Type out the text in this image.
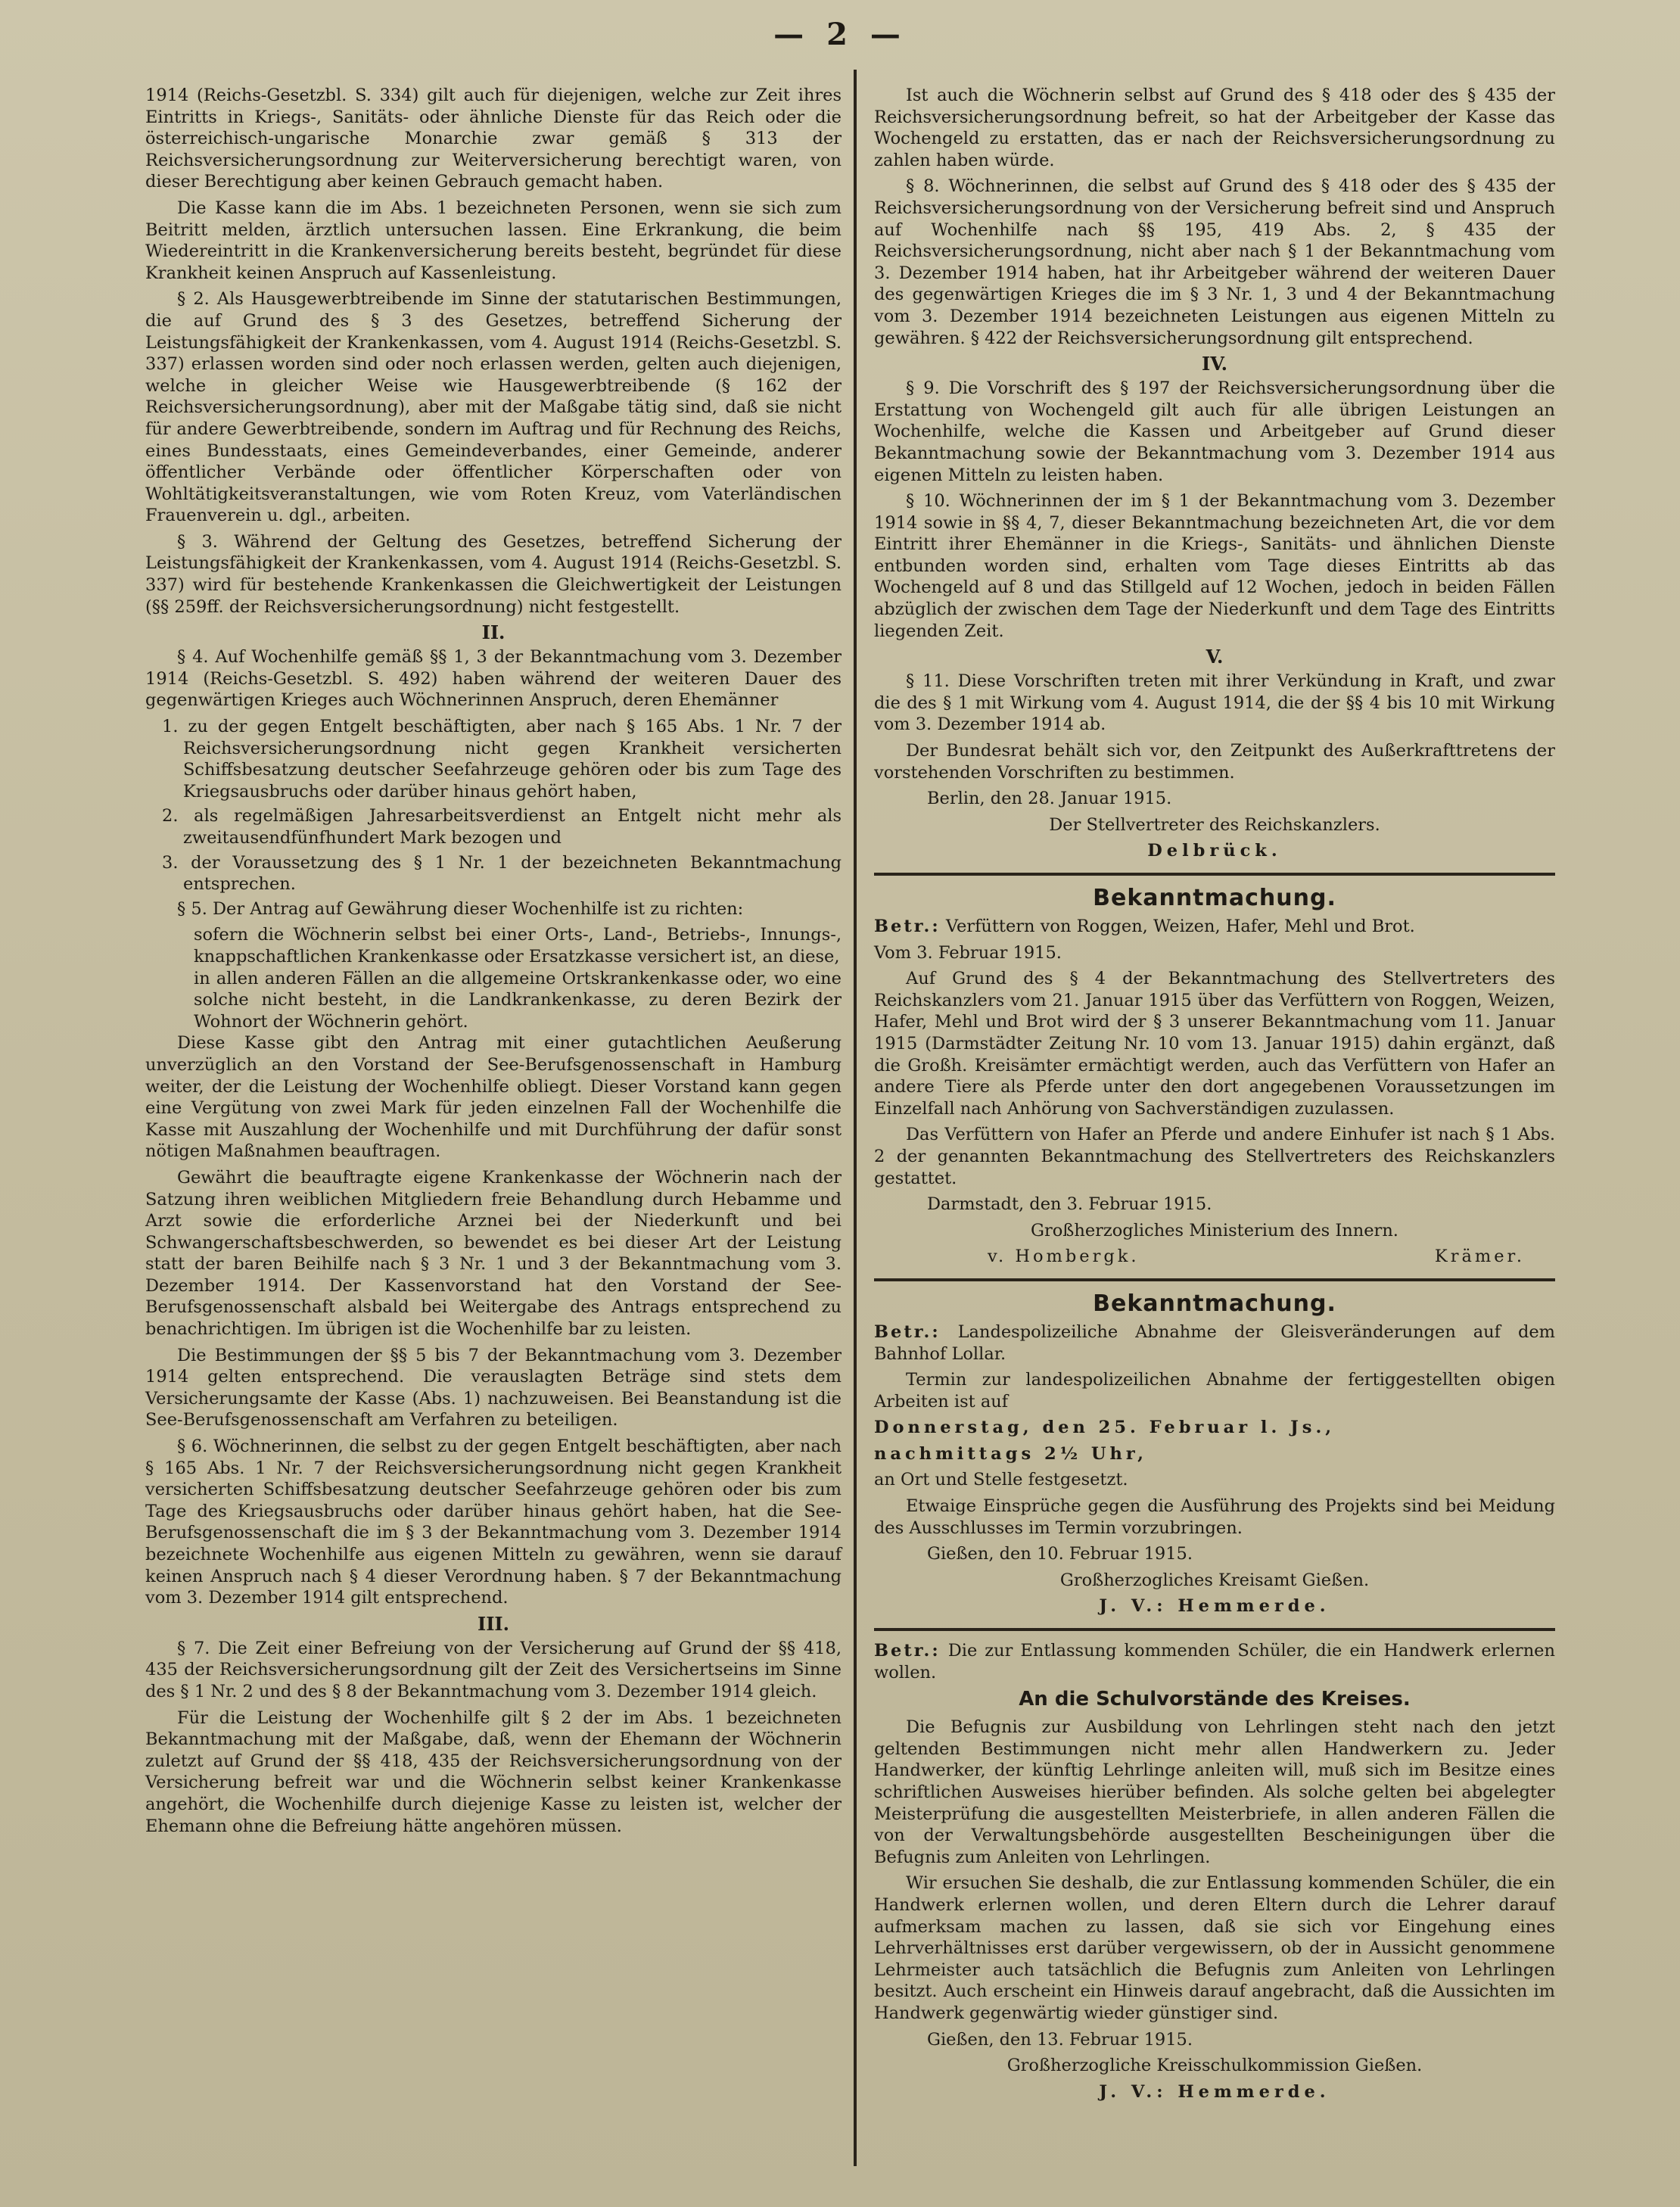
— 2 —

1914 (Reichs-Gesetzbl. S. 334) gilt auch für diejenigen, welche zur Zeit ihres Eintritts in Kriegs-, Sanitäts- oder ähnliche Dienste für das Reich oder die österreichisch-ungarische Monarchie zwar gemäß § 313 der Reichsversicherungsordnung zur Weiterversicherung berechtigt waren, von dieser Berechtigung aber keinen Gebrauch gemacht haben.

Die Kasse kann die im Abs. 1 bezeichneten Personen, wenn sie sich zum Beitritt melden, ärztlich untersuchen lassen. Eine Erkrankung, die beim Wiedereintritt in die Krankenversicherung bereits besteht, begründet für diese Krankheit keinen Anspruch auf Kassenleistung.

§ 2. Als Hausgewerbtreibende im Sinne der statutarischen Bestimmungen, die auf Grund des § 3 des Gesetzes, betreffend Sicherung der Leistungsfähigkeit der Krankenkassen, vom 4. August 1914 (Reichs-Gesetzbl. S. 337) erlassen worden sind oder noch erlassen werden, gelten auch diejenigen, welche in gleicher Weise wie Hausgewerbtreibende (§ 162 der Reichsversicherungsordnung), aber mit der Maßgabe tätig sind, daß sie nicht für andere Gewerbtreibende, sondern im Auftrag und für Rechnung des Reichs, eines Bundesstaats, eines Gemeindeverbandes, einer Gemeinde, anderer öffentlicher Verbände oder öffentlicher Körperschaften oder von Wohltätigkeitsveranstaltungen, wie vom Roten Kreuz, vom Vaterländischen Frauenverein u. dgl., arbeiten.

§ 3. Während der Geltung des Gesetzes, betreffend Sicherung der Leistungsfähigkeit der Krankenkassen, vom 4. August 1914 (Reichs-Gesetzbl. S. 337) wird für bestehende Krankenkassen die Gleichwertigkeit der Leistungen (§§ 259ff. der Reichsversicherungsordnung) nicht festgestellt.

II.

§ 4. Auf Wochenhilfe gemäß §§ 1, 3 der Bekanntmachung vom 3. Dezember 1914 (Reichs-Gesetzbl. S. 492) haben während der weiteren Dauer des gegenwärtigen Krieges auch Wöchnerinnen Anspruch, deren Ehemänner

1. zu der gegen Entgelt beschäftigten, aber nach § 165 Abs. 1 Nr. 7 der Reichsversicherungsordnung nicht gegen Krankheit versicherten Schiffsbesatzung deutscher Seefahrzeuge gehören oder bis zum Tage des Kriegsausbruchs oder darüber hinaus gehört haben,

2. als regelmäßigen Jahresarbeitsverdienst an Entgelt nicht mehr als zweitausendfünfhundert Mark bezogen und

3. der Voraussetzung des § 1 Nr. 1 der bezeichneten Bekanntmachung entsprechen.

§ 5. Der Antrag auf Gewährung dieser Wochenhilfe ist zu richten:

sofern die Wöchnerin selbst bei einer Orts-, Land-, Betriebs-, Innungs-, knappschaftlichen Krankenkasse oder Ersatzkasse versichert ist, an diese,

in allen anderen Fällen an die allgemeine Ortskrankenkasse oder, wo eine solche nicht besteht, in die Landkrankenkasse, zu deren Bezirk der Wohnort der Wöchnerin gehört.

Diese Kasse gibt den Antrag mit einer gutachtlichen Aeußerung unverzüglich an den Vorstand der See-Berufsgenossenschaft in Hamburg weiter, der die Leistung der Wochenhilfe obliegt. Dieser Vorstand kann gegen eine Vergütung von zwei Mark für jeden einzelnen Fall der Wochenhilfe die Kasse mit Auszahlung der Wochenhilfe und mit Durchführung der dafür sonst nötigen Maßnahmen beauftragen.

Gewährt die beauftragte eigene Krankenkasse der Wöchnerin nach der Satzung ihren weiblichen Mitgliedern freie Behandlung durch Hebamme und Arzt sowie die erforderliche Arznei bei der Niederkunft und bei Schwangerschaftsbeschwerden, so bewendet es bei dieser Art der Leistung statt der baren Beihilfe nach § 3 Nr. 1 und 3 der Bekanntmachung vom 3. Dezember 1914. Der Kassenvorstand hat den Vorstand der See-Berufsgenossenschaft alsbald bei Weitergabe des Antrags entsprechend zu benachrichtigen. Im übrigen ist die Wochenhilfe bar zu leisten.

Die Bestimmungen der §§ 5 bis 7 der Bekanntmachung vom 3. Dezember 1914 gelten entsprechend. Die verauslagten Beträge sind stets dem Versicherungsamte der Kasse (Abs. 1) nachzuweisen. Bei Beanstandung ist die See-Berufsgenossenschaft am Verfahren zu beteiligen.

§ 6. Wöchnerinnen, die selbst zu der gegen Entgelt beschäftigten, aber nach § 165 Abs. 1 Nr. 7 der Reichsversicherungsordnung nicht gegen Krankheit versicherten Schiffsbesatzung deutscher Seefahrzeuge gehören oder bis zum Tage des Kriegsausbruchs oder darüber hinaus gehört haben, hat die See-Berufsgenossenschaft die im § 3 der Bekanntmachung vom 3. Dezember 1914 bezeichnete Wochenhilfe aus eigenen Mitteln zu gewähren, wenn sie darauf keinen Anspruch nach § 4 dieser Verordnung haben. § 7 der Bekanntmachung vom 3. Dezember 1914 gilt entsprechend.

III.

§ 7. Die Zeit einer Befreiung von der Versicherung auf Grund der §§ 418, 435 der Reichsversicherungsordnung gilt der Zeit des Versichertseins im Sinne des § 1 Nr. 2 und des § 8 der Bekanntmachung vom 3. Dezember 1914 gleich.

Für die Leistung der Wochenhilfe gilt § 2 der im Abs. 1 bezeichneten Bekanntmachung mit der Maßgabe, daß, wenn der Ehemann der Wöchnerin zuletzt auf Grund der §§ 418, 435 der Reichsversicherungsordnung von der Versicherung befreit war und die Wöchnerin selbst keiner Krankenkasse angehört, die Wochenhilfe durch diejenige Kasse zu leisten ist, welcher der Ehemann ohne die Befreiung hätte angehören müssen.

Ist auch die Wöchnerin selbst auf Grund des § 418 oder des § 435 der Reichsversicherungsordnung befreit, so hat der Arbeitgeber der Kasse das Wochengeld zu erstatten, das er nach der Reichsversicherungsordnung zu zahlen haben würde.

§ 8. Wöchnerinnen, die selbst auf Grund des § 418 oder des § 435 der Reichsversicherungsordnung von der Versicherung befreit sind und Anspruch auf Wochenhilfe nach §§ 195, 419 Abs. 2, § 435 der Reichsversicherungsordnung, nicht aber nach § 1 der Bekanntmachung vom 3. Dezember 1914 haben, hat ihr Arbeitgeber während der weiteren Dauer des gegenwärtigen Krieges die im § 3 Nr. 1, 3 und 4 der Bekanntmachung vom 3. Dezember 1914 bezeichneten Leistungen aus eigenen Mitteln zu gewähren. § 422 der Reichsversicherungsordnung gilt entsprechend.

IV.

§ 9. Die Vorschrift des § 197 der Reichsversicherungsordnung über die Erstattung von Wochengeld gilt auch für alle übrigen Leistungen an Wochenhilfe, welche die Kassen und Arbeitgeber auf Grund dieser Bekanntmachung sowie der Bekanntmachung vom 3. Dezember 1914 aus eigenen Mitteln zu leisten haben.

§ 10. Wöchnerinnen der im § 1 der Bekanntmachung vom 3. Dezember 1914 sowie in §§ 4, 7, dieser Bekanntmachung bezeichneten Art, die vor dem Eintritt ihrer Ehemänner in die Kriegs-, Sanitäts- und ähnlichen Dienste entbunden worden sind, erhalten vom Tage dieses Eintritts ab das Wochengeld auf 8 und das Stillgeld auf 12 Wochen, jedoch in beiden Fällen abzüglich der zwischen dem Tage der Niederkunft und dem Tage des Eintritts liegenden Zeit.

V.

§ 11. Diese Vorschriften treten mit ihrer Verkündung in Kraft, und zwar die des § 1 mit Wirkung vom 4. August 1914, die der §§ 4 bis 10 mit Wirkung vom 3. Dezember 1914 ab.

Der Bundesrat behält sich vor, den Zeitpunkt des Außerkrafttretens der vorstehenden Vorschriften zu bestimmen.

Berlin, den 28. Januar 1915.

Der Stellvertreter des Reichskanzlers.

Delbrück.

Bekanntmachung.

Betr.: Verfüttern von Roggen, Weizen, Hafer, Mehl und Brot.

Vom 3. Februar 1915.

Auf Grund des § 4 der Bekanntmachung des Stellvertreters des Reichskanzlers vom 21. Januar 1915 über das Verfüttern von Roggen, Weizen, Hafer, Mehl und Brot wird der § 3 unserer Bekanntmachung vom 11. Januar 1915 (Darmstädter Zeitung Nr. 10 vom 13. Januar 1915) dahin ergänzt, daß die Großh. Kreisämter ermächtigt werden, auch das Verfüttern von Hafer an andere Tiere als Pferde unter den dort angegebenen Voraussetzungen im Einzelfall nach Anhörung von Sachverständigen zuzulassen.

Das Verfüttern von Hafer an Pferde und andere Einhufer ist nach § 1 Abs. 2 der genannten Bekanntmachung des Stellvertreters des Reichskanzlers gestattet.

Darmstadt, den 3. Februar 1915.

Großherzogliches Ministerium des Innern.

v. Hombergk.	Krämer.

Bekanntmachung.

Betr.: Landespolizeiliche Abnahme der Gleisveränderungen auf dem Bahnhof Lollar.

Termin zur landespolizeilichen Abnahme der fertiggestellten obigen Arbeiten ist auf

Donnerstag, den 25. Februar l. Js.,

nachmittags 2½ Uhr,

an Ort und Stelle festgesetzt.

Etwaige Einsprüche gegen die Ausführung des Projekts sind bei Meidung des Ausschlusses im Termin vorzubringen.

Gießen, den 10. Februar 1915.

Großherzogliches Kreisamt Gießen.

J. V.: Hemmerde.

Betr.: Die zur Entlassung kommenden Schüler, die ein Handwerk erlernen wollen.

An die Schulvorstände des Kreises.

Die Befugnis zur Ausbildung von Lehrlingen steht nach den jetzt geltenden Bestimmungen nicht mehr allen Handwerkern zu. Jeder Handwerker, der künftig Lehrlinge anleiten will, muß sich im Besitze eines schriftlichen Ausweises hierüber befinden. Als solche gelten bei abgelegter Meisterprüfung die ausgestellten Meisterbriefe, in allen anderen Fällen die von der Verwaltungsbehörde ausgestellten Bescheinigungen über die Befugnis zum Anleiten von Lehrlingen.

Wir ersuchen Sie deshalb, die zur Entlassung kommenden Schüler, die ein Handwerk erlernen wollen, und deren Eltern durch die Lehrer darauf aufmerksam machen zu lassen, daß sie sich vor Eingehung eines Lehrverhältnisses erst darüber vergewissern, ob der in Aussicht genommene Lehrmeister auch tatsächlich die Befugnis zum Anleiten von Lehrlingen besitzt. Auch erscheint ein Hinweis darauf angebracht, daß die Aussichten im Handwerk gegenwärtig wieder günstiger sind.

Gießen, den 13. Februar 1915.

Großherzogliche Kreisschulkommission Gießen.

J. V.: Hemmerde.
